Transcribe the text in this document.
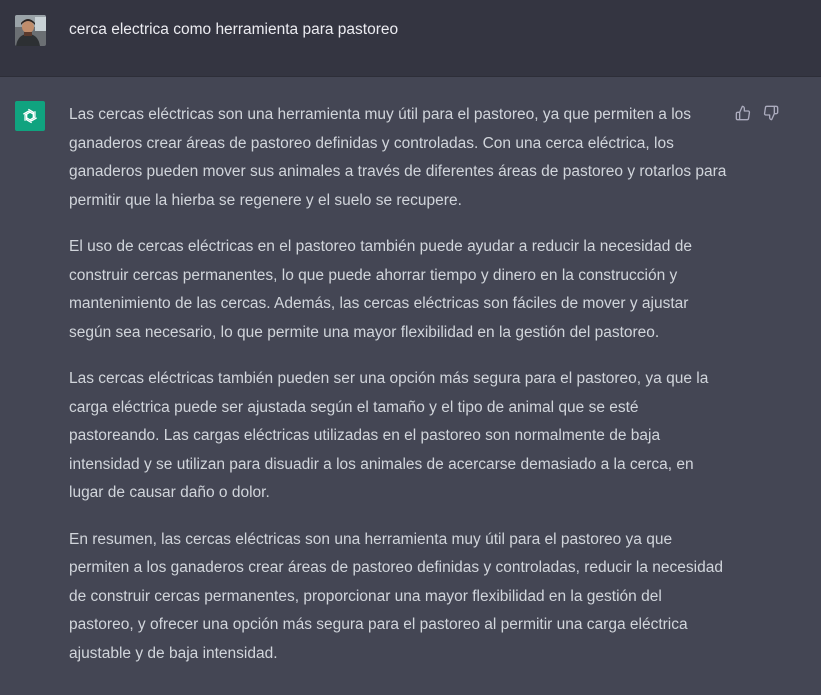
cerca electrica como herramienta para pastoreo

Las cercas eléctricas son una herramienta muy útil para el pastoreo, ya que permiten a los ganaderos crear áreas de pastoreo definidas y controladas. Con una cerca eléctrica, los ganaderos pueden mover sus animales a través de diferentes áreas de pastoreo y rotarlos para permitir que la hierba se regenere y el suelo se recupere.

El uso de cercas eléctricas en el pastoreo también puede ayudar a reducir la necesidad de construir cercas permanentes, lo que puede ahorrar tiempo y dinero en la construcción y mantenimiento de las cercas. Además, las cercas eléctricas son fáciles de mover y ajustar según sea necesario, lo que permite una mayor flexibilidad en la gestión del pastoreo.

Las cercas eléctricas también pueden ser una opción más segura para el pastoreo, ya que la carga eléctrica puede ser ajustada según el tamaño y el tipo de animal que se esté pastoreando. Las cargas eléctricas utilizadas en el pastoreo son normalmente de baja intensidad y se utilizan para disuadir a los animales de acercarse demasiado a la cerca, en lugar de causar daño o dolor.

En resumen, las cercas eléctricas son una herramienta muy útil para el pastoreo ya que permiten a los ganaderos crear áreas de pastoreo definidas y controladas, reducir la necesidad de construir cercas permanentes, proporcionar una mayor flexibilidad en la gestión del pastoreo, y ofrecer una opción más segura para el pastoreo al permitir una carga eléctrica ajustable y de baja intensidad.
